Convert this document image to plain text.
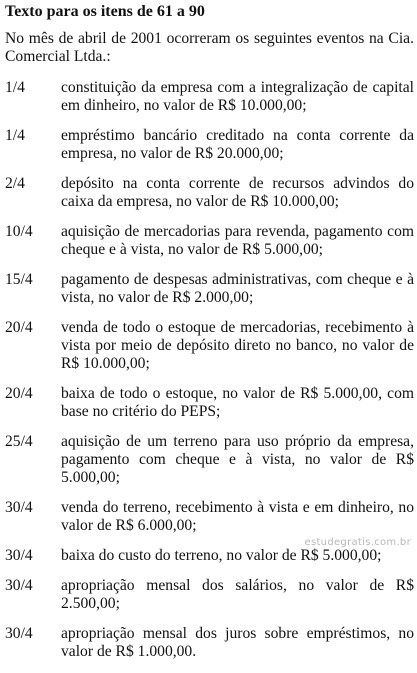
Texto para os itens de 61 a 90
No mês de abril de 2001 ocorreram os seguintes eventos na Cia. Comercial Ltda.:
1/4	constituição da empresa com a integralização de capital em dinheiro, no valor de R$ 10.000,00;
1/4	empréstimo bancário creditado na conta corrente da empresa, no valor de R$ 20.000,00;
2/4	depósito na conta corrente de recursos advindos do caixa da empresa, no valor de R$ 10.000,00;
10/4	aquisição de mercadorias para revenda, pagamento com cheque e à vista, no valor de R$ 5.000,00;
15/4	pagamento de despesas administrativas, com cheque e à vista, no valor de R$ 2.000,00;
20/4	venda de todo o estoque de mercadorias, recebimento à vista por meio de depósito direto no banco, no valor de R$ 10.000,00;
20/4	baixa de todo o estoque, no valor de R$ 5.000,00, com base no critério do PEPS;
25/4	aquisição de um terreno para uso próprio da empresa, pagamento com cheque e à vista, no valor de R$ 5.000,00;
30/4	venda do terreno, recebimento à vista e em dinheiro, no valor de R$ 6.000,00;
30/4	baixa do custo do terreno, no valor de R$ 5.000,00;
30/4	apropriação mensal dos salários, no valor de R$ 2.500,00;
30/4	apropriação mensal dos juros sobre empréstimos, no valor de R$ 1.000,00.
estudegratis.com.br
